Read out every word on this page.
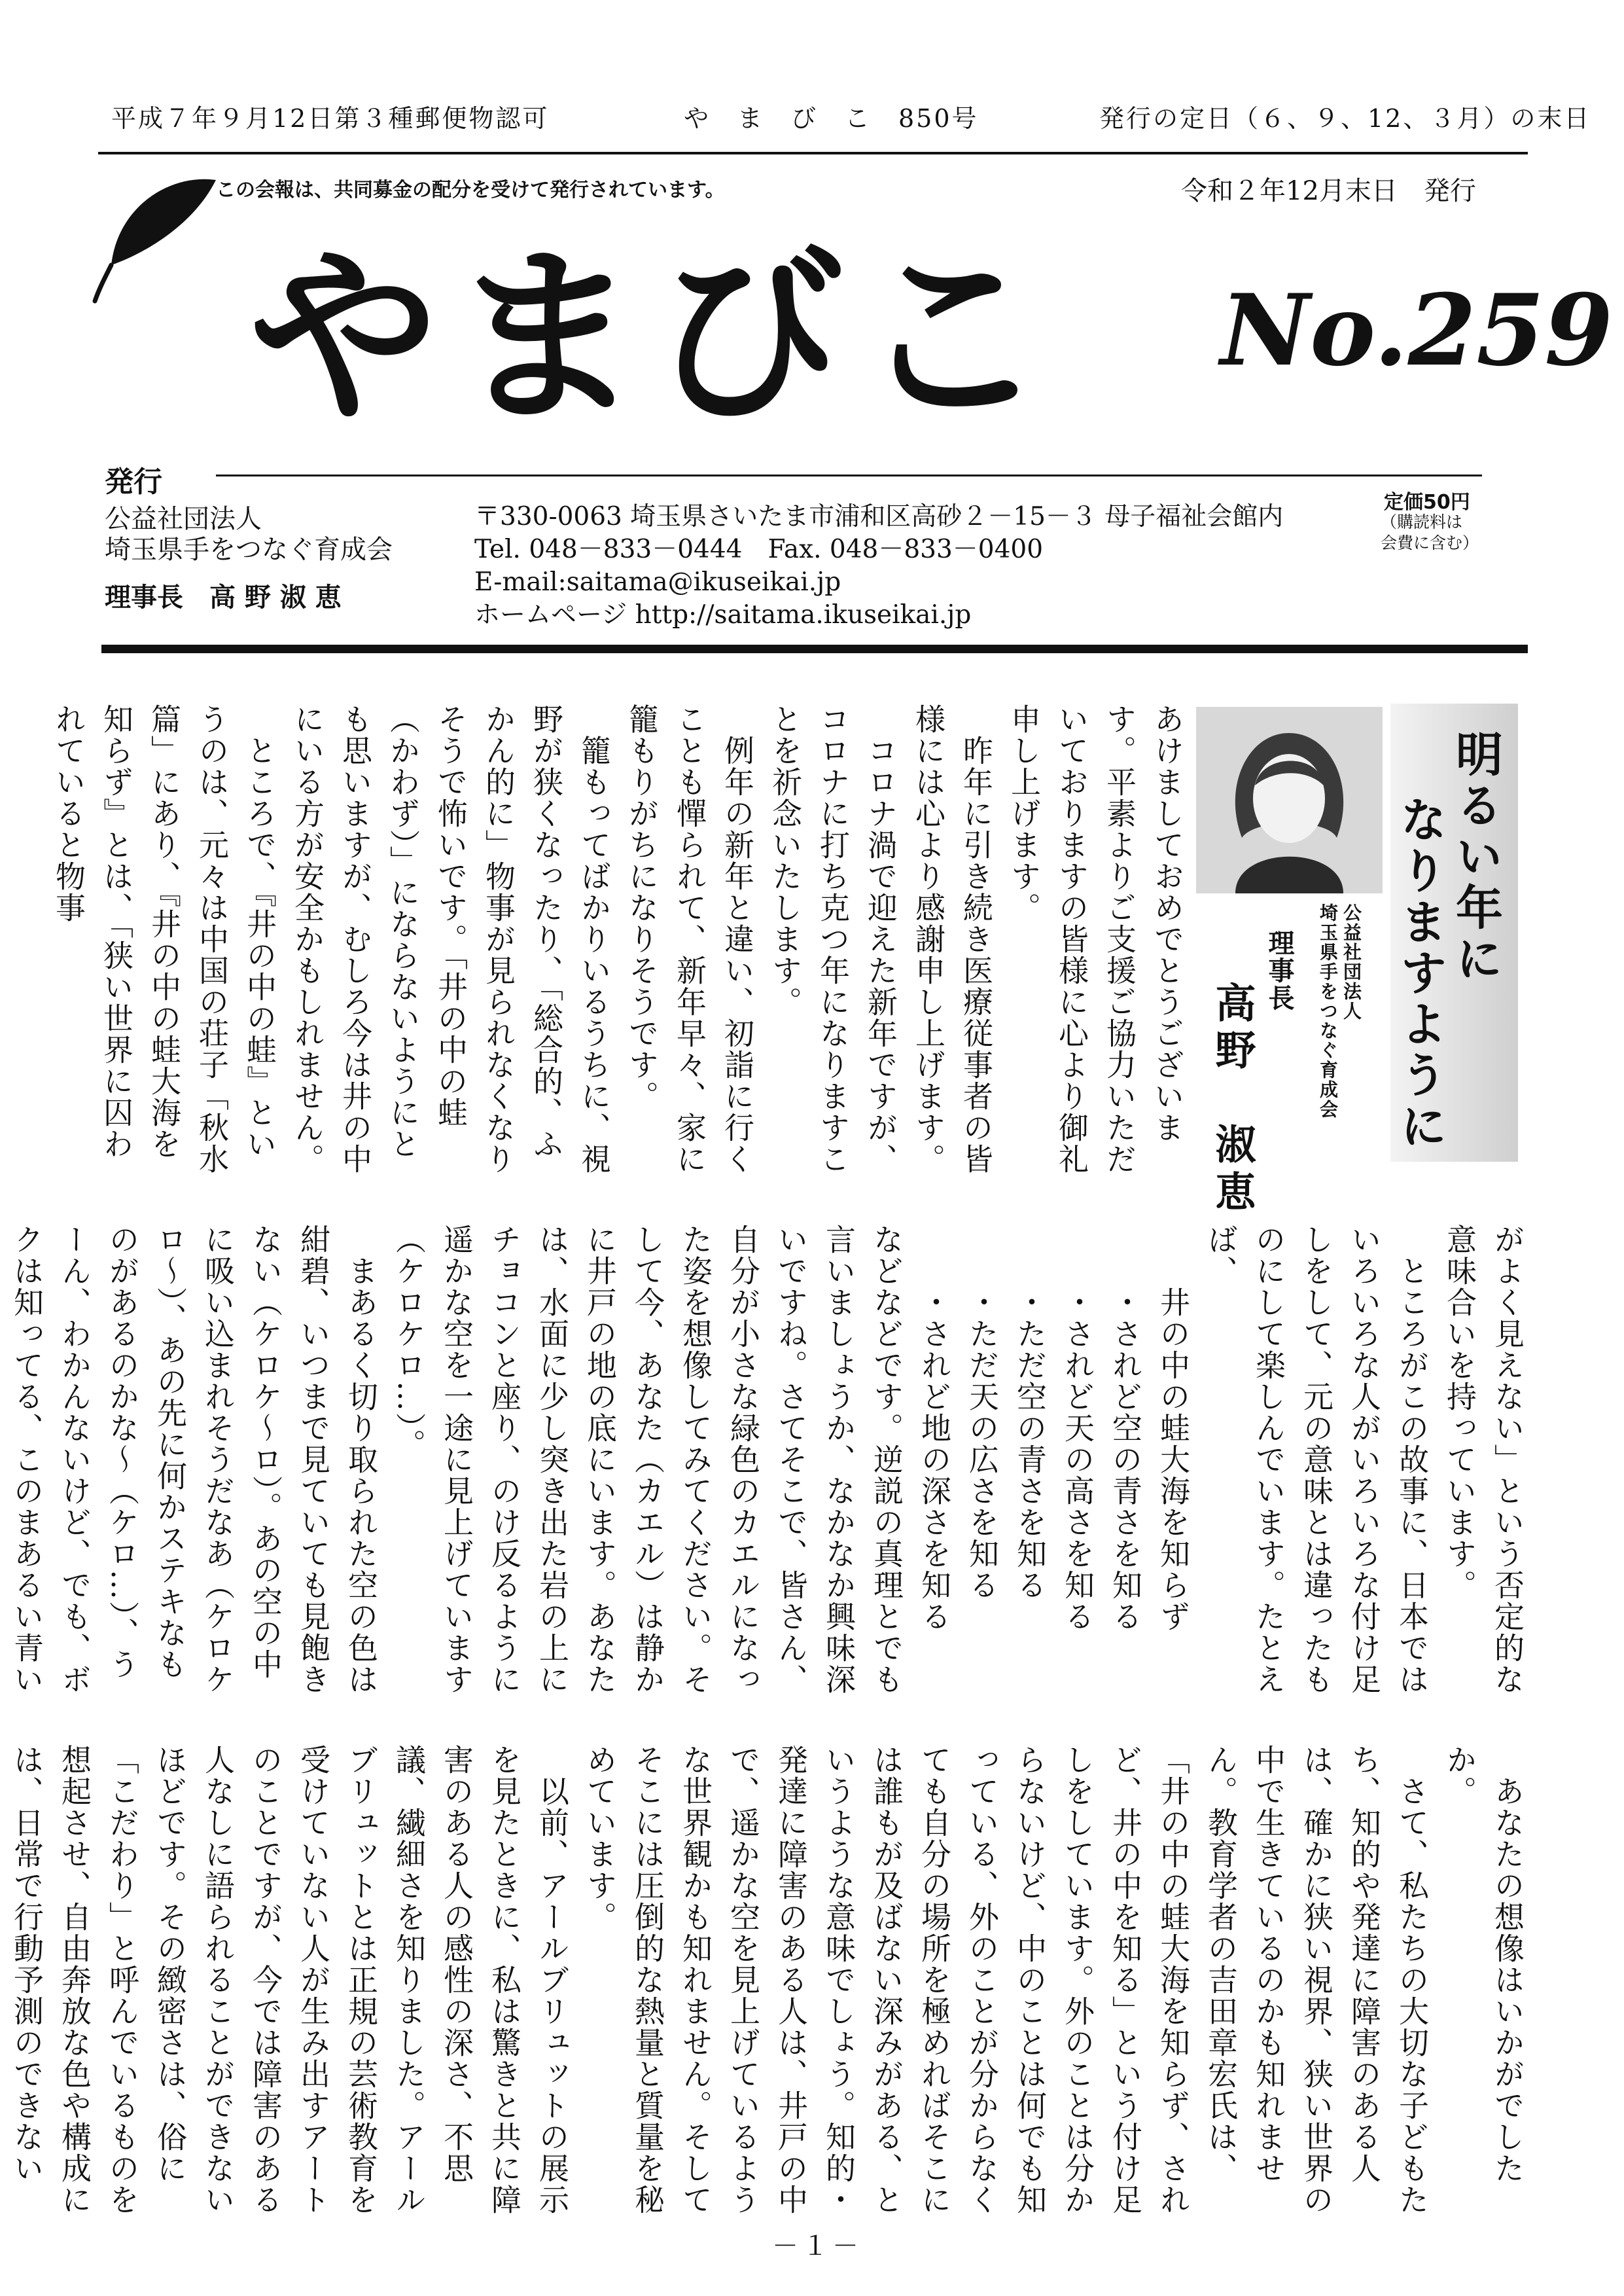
平成７年９月12日第３種郵便物認可	や　ま　び　こ　850号	発行の定日（６、９、12、３月）の末日
この会報は、共同募金の配分を受けて発行されています。	令和２年12月末日　発行
やまびこ No.259
発行
公益社団法人
埼玉県手をつなぐ育成会
理事長　高 野 淑 恵
〒330-0063 埼玉県さいたま市浦和区高砂２－15－３ 母子福祉会館内
Tel. 048－833－0444　Fax. 048－833－0400
E-mail:saitama@ikuseikai.jp
ホームページ http://saitama.ikuseikai.jp
定価50円
（購読料は
会費に含む）
明るい年に
なりますように
公益社団法人
埼玉県手をつなぐ育成会
理事長
高野　淑恵
あけましておめでとうございます。平素よりご支援ご協力いただいておりますの皆様に心より御礼申し上げます。
　昨年に引き続き医療従事者の皆様には心より感謝申し上げます。
　コロナ渦で迎えた新年ですが、コロナに打ち克つ年になりますことを祈念いたします。
　例年の新年と違い、初詣に行くことも憚られて、新年早々、家に籠もりがちになりそうです。
　籠もってばかりいるうちに、視野が狭くなったり、「総合的、ふかん的に」物事が見られなくなりそうで怖いです。「井の中の蛙（かわず）」にならないようにとも思いますが、むしろ今は井の中にいる方が安全かもしれません。
　ところで、『井の中の蛙』というのは、元々は中国の荘子「秋水篇」にあり、『井の中の蛙大海を知らず』とは、「狭い世界に囚われていると物事
がよく見えない」という否定的な意味合いを持っています。
　ところがこの故事に、日本ではいろいろな人がいろいろな付け足しをして、元の意味とは違ったものにして楽しんでいます。たとえば、
　　井の中の蛙大海を知らず
　　・されど空の青さを知る
　　・されど天の高さを知る
　　・ただ空の青さを知る
　　・ただ天の広さを知る
　　・されど地の深さを知る
などなどです。逆説の真理とでも言いましょうか、なかなか興味深いですね。さてそこで、皆さん、自分が小さな緑色のカエルになった姿を想像してみてください。そして今、あなた（カエル）は静かに井戸の地の底にいます。あなたは、水面に少し突き出た岩の上にチョコンと座り、のけ反るように遥かな空を一途に見上げています（ケロケロ…）。
　まあるく切り取られた空の色は紺碧、いつまで見ていても見飽きない（ケロケ～ロ）。あの空の中に吸い込まれそうだなあ（ケロケロ～）、あの先に何かステキなものがあるのかな～（ケロ…）、うーん、わかんないけど、でも、ボクは知ってる、このまあるい青い
　あなたの想像はいかがでしたか。
　さて、私たちの大切な子どもたち、知的や発達に障害のある人は、確かに狭い視界、狭い世界の中で生きているのかも知れません。教育学者の吉田章宏氏は、「井の中の蛙大海を知らず、されど、井の中を知る」という付け足しをしています。外のことは分からないけど、中のことは何でも知っている、外のことが分からなくても自分の場所を極めればそこには誰もが及ばない深みがある、というような意味でしょう。知的・発達に障害のある人は、井戸の中で、遥かな空を見上げているような世界観かも知れません。そしてそこには圧倒的な熱量と質量を秘めています。
　以前、アールブリュットの展示を見たときに、私は驚きと共に障害のある人の感性の深さ、不思議、繊細さを知りました。アールブリュットとは正規の芸術教育を受けていない人が生み出すアートのことですが、今では障害のある人なしに語られることができないほどです。その緻密さは、俗に「こだわり」と呼んでいるものを想起させ、自由奔放な色や構成には、日常で行動予測のできない
－１－
